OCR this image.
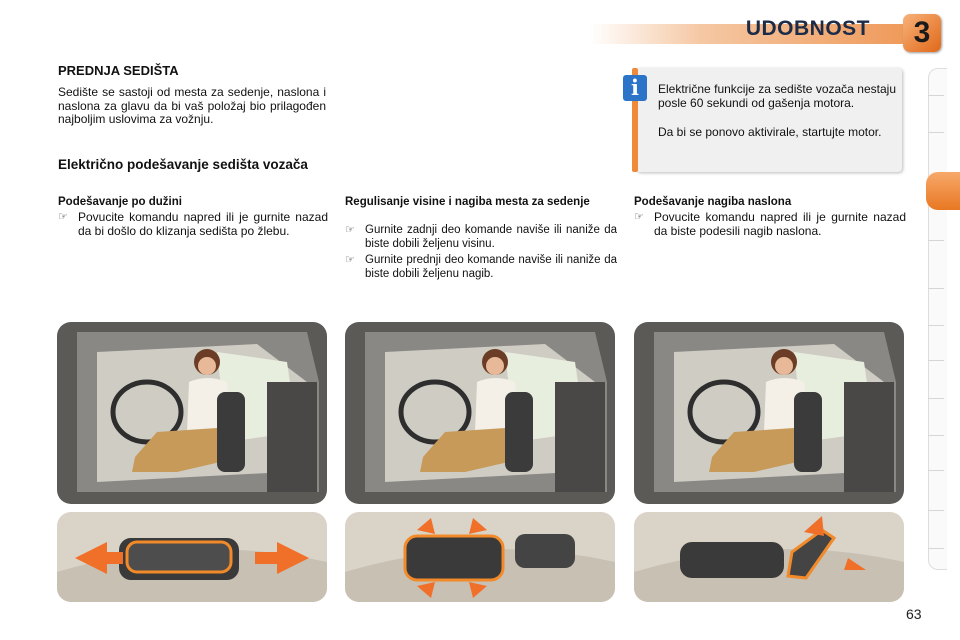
UDOBNOST	3
PREDNJA SEDIŠTA

Sedište se sastoji od mesta za sedenje, naslona i naslona za glavu da bi vaš položaj bio prilagođen najboljim uslovima za vožnju.

Električno podešavanje sedišta vozača
i	Električne funkcije za sedište vozača nestaju posle 60 sekundi od gašenja motora.

Da bi se ponovo aktivirale, startujte motor.

Podešavanje po dužini
☞ Povucite komandu napred ili je gurnite nazad da bi došlo do klizanja sedišta po žlebu.
Regulisanje visine i nagiba mesta za sedenje
☞ Gurnite zadnji deo komande naviše ili naniže da biste dobili željenu visinu.
☞ Gurnite prednji deo komande naviše ili naniže da biste dobili željenu nagib.
Podešavanje nagiba naslona
☞ Povucite komandu napred ili je gurnite nazad da biste podesili nagib naslona.
63
